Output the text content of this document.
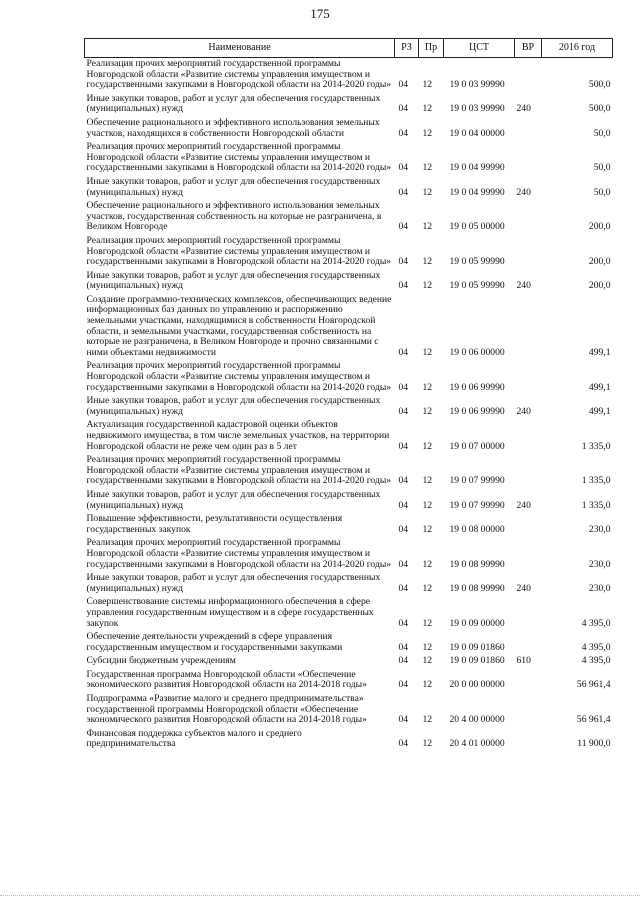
175
Наименование	РЗ	Пр	ЦСТ	ВР	2016 год
Реализация прочих мероприятий государственной программы Новгородской области «Развитие системы управления имуществом и государственными закупками в Новгородской области на 2014-2020 годы»	04	12	19 0 03 99990		500,0
Иные закупки товаров, работ и услуг для обеспечения государственных (муниципальных) нужд	04	12	19 0 03 99990	240	500,0
Обеспечение рационального и эффективного использования земельных участков, находящихся в собственности Новгородской области	04	12	19 0 04 00000		50,0
Реализация прочих мероприятий государственной программы Новгородской области «Развитие системы управления имуществом и государственными закупками в Новгородской области на 2014-2020 годы»	04	12	19 0 04 99990		50,0
Иные закупки товаров, работ и услуг для обеспечения государственных (муниципальных) нужд	04	12	19 0 04 99990	240	50,0
Обеспечение рационального и эффективного использования земельных участков, государственная собственность на которые не разграничена, в Великом Новгороде	04	12	19 0 05 00000		200,0
Реализация прочих мероприятий государственной программы Новгородской области «Развитие системы управления имуществом и государственными закупками в Новгородской области на 2014-2020 годы»	04	12	19 0 05 99990		200,0
Иные закупки товаров, работ и услуг для обеспечения государственных (муниципальных) нужд	04	12	19 0 05 99990	240	200,0
Создание программно-технических комплексов, обеспечивающих ведение информационных баз данных по управлению и распоряжению земельными участками, находящимися в собственности Новгородской области, и земельными участками, государственная собственность на которые не разграничена, в Великом Новгороде и прочно связанными с ними объектами недвижимости	04	12	19 0 06 00000		499,1
Реализация прочих мероприятий государственной программы Новгородской области «Развитие системы управления имуществом и государственными закупками в Новгородской области на 2014-2020 годы»	04	12	19 0 06 99990		499,1
Иные закупки товаров, работ и услуг для обеспечения государственных (муниципальных) нужд	04	12	19 0 06 99990	240	499,1
Актуализация государственной кадастровой оценки объектов недвижимого имущества, в том числе земельных участков, на территории Новгородской области не реже чем один раз в 5 лет	04	12	19 0 07 00000		1 335,0
Реализация прочих мероприятий государственной программы Новгородской области «Развитие системы управления имуществом и государственными закупками в Новгородской области на 2014-2020 годы»	04	12	19 0 07 99990		1 335,0
Иные закупки товаров, работ и услуг для обеспечения государственных (муниципальных) нужд	04	12	19 0 07 99990	240	1 335,0
Повышение эффективности, результативности осуществления государственных закупок	04	12	19 0 08 00000		230,0
Реализация прочих мероприятий государственной программы Новгородской области «Развитие системы управления имуществом и государственными закупками в Новгородской области на 2014-2020 годы»	04	12	19 0 08 99990		230,0
Иные закупки товаров, работ и услуг для обеспечения государственных (муниципальных) нужд	04	12	19 0 08 99990	240	230,0
Совершенствование системы информационного обеспечения в сфере управления государственным имуществом и в сфере государственных закупок	04	12	19 0 09 00000		4 395,0
Обеспечение деятельности учреждений в сфере управления государственным имуществом и государственными закупками	04	12	19 0 09 01860		4 395,0
Субсидии бюджетным учреждениям	04	12	19 0 09 01860	610	4 395,0
Государственная программа Новгородской области «Обеспечение экономического развития Новгородской области на 2014-2018 годы»	04	12	20 0 00 00000		56 961,4
Подпрограмма «Развитие малого и среднего предпринимательства» государственной программы Новгородской области «Обеспечение экономического развития Новгородской области на 2014-2018 годы»	04	12	20 4 00 00000		56 961,4
Финансовая поддержка субъектов малого и среднего предпринимательства	04	12	20 4 01 00000		11 900,0
